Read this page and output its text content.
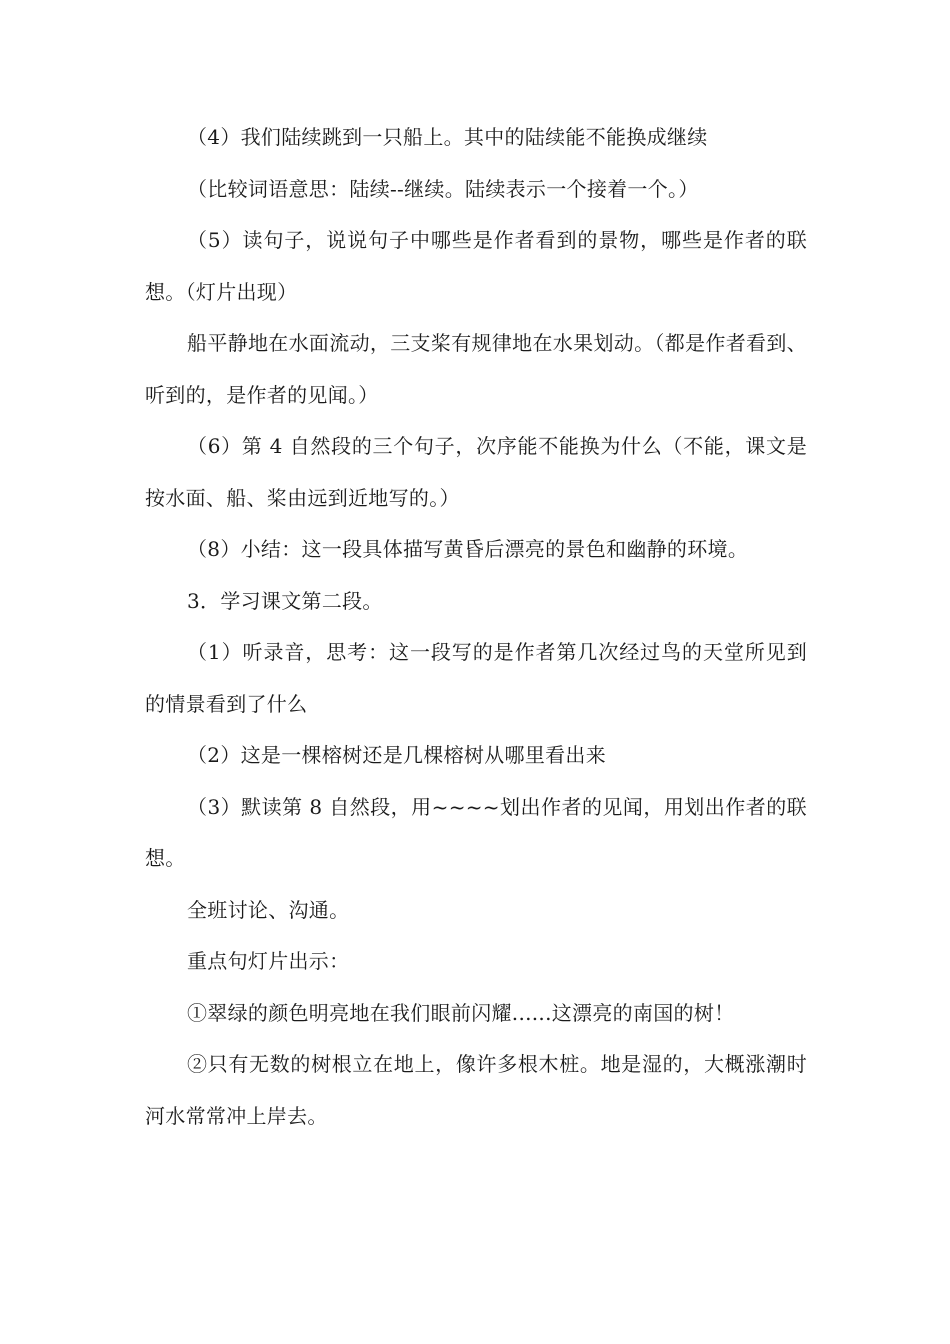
（4）我们陆续跳到一只船上。其中的陆续能不能换成继续

（比较词语意思：陆续--继续。陆续表示一个接着一个。）

（5）读句子，说说句子中哪些是作者看到的景物，哪些是作者的联想。（灯片出现）

船平静地在水面流动，三支桨有规律地在水果划动。（都是作者看到、听到的，是作者的见闻。）

（6）第 4 自然段的三个句子，次序能不能换为什么（不能，课文是按水面、船、桨由远到近地写的。）

（8）小结：这一段具体描写黄昏后漂亮的景色和幽静的环境。

3．学习课文第二段。

（1）听录音，思考：这一段写的是作者第几次经过鸟的天堂所见到的情景看到了什么

（2）这是一棵榕树还是几棵榕树从哪里看出来

（3）默读第 8 自然段，用~~~~划出作者的见闻，用划出作者的联想。

全班讨论、沟通。

重点句灯片出示：

①翠绿的颜色明亮地在我们眼前闪耀......这漂亮的南国的树！

②只有无数的树根立在地上，像许多根木桩。地是湿的，大概涨潮时河水常常冲上岸去。
